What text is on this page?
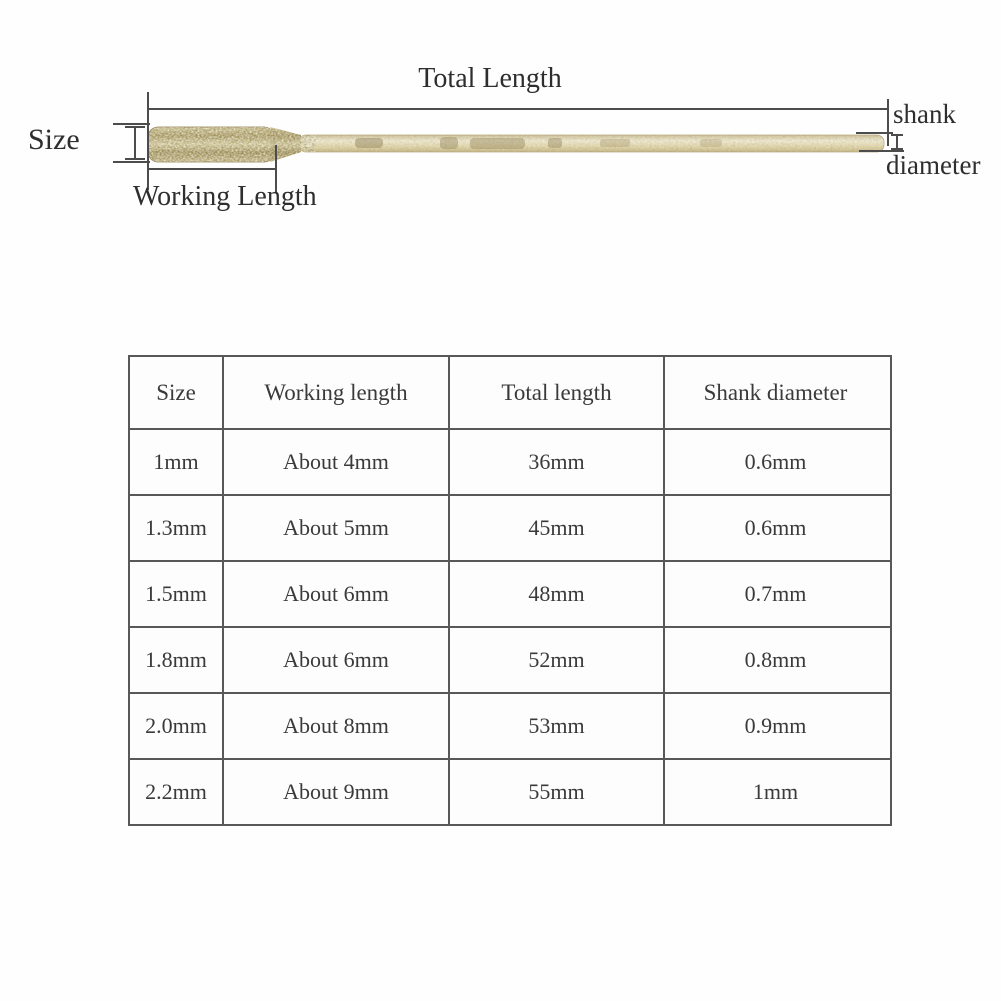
Total Length
Size
Working Length
shank
diameter
Size	Working length	Total length	Shank diameter
1mm	About 4mm	36mm	0.6mm
1.3mm	About 5mm	45mm	0.6mm
1.5mm	About 6mm	48mm	0.7mm
1.8mm	About 6mm	52mm	0.8mm
2.0mm	About 8mm	53mm	0.9mm
2.2mm	About 9mm	55mm	1mm
